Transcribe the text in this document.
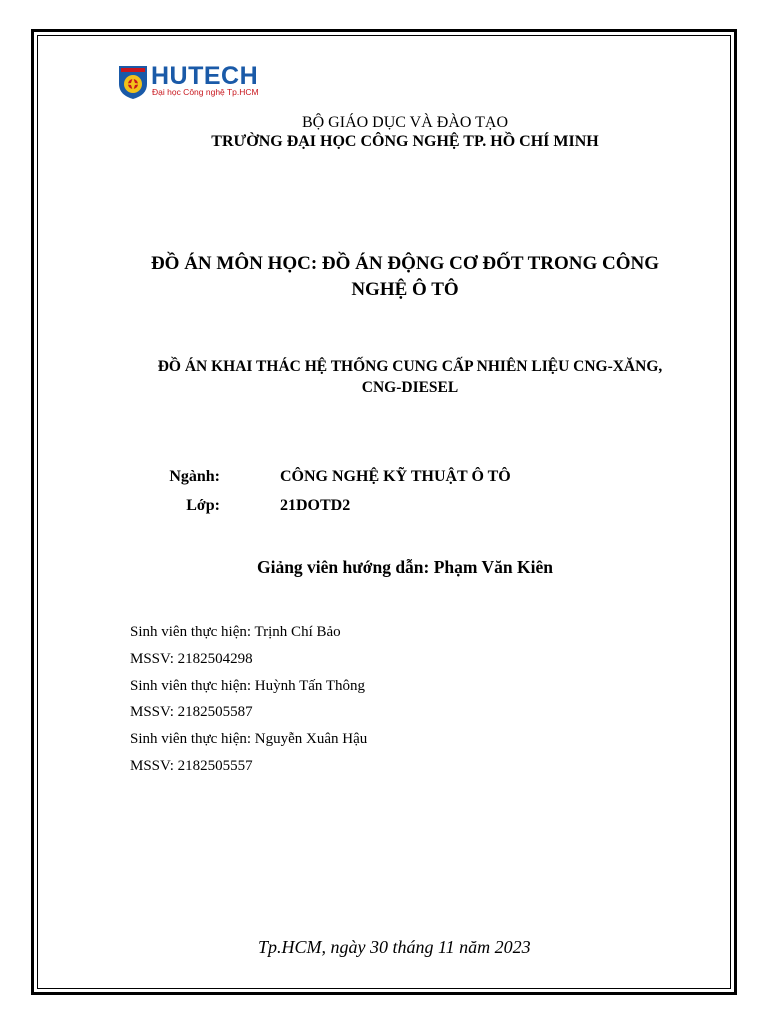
HUTECH
Đại học Công nghệ Tp.HCM
BỘ GIÁO DỤC VÀ ĐÀO TẠO
TRƯỜNG ĐẠI HỌC CÔNG NGHỆ TP. HỒ CHÍ MINH
ĐỒ ÁN MÔN HỌC: ĐỒ ÁN ĐỘNG CƠ ĐỐT TRONG CÔNG
NGHỆ Ô TÔ
ĐỒ ÁN KHAI THÁC HỆ THỐNG CUNG CẤP NHIÊN LIỆU CNG-XĂNG,
CNG-DIESEL
Ngành:	CÔNG NGHỆ KỸ THUẬT Ô TÔ
Lớp:	21DOTD2
Giảng viên hướng dẫn: Phạm Văn Kiên
Sinh viên thực hiện: Trịnh Chí Bảo
MSSV: 2182504298
Sinh viên thực hiện: Huỳnh Tấn Thông
MSSV: 2182505587
Sinh viên thực hiện: Nguyễn Xuân Hậu
MSSV: 2182505557
Tp.HCM, ngày 30 tháng 11 năm 2023
